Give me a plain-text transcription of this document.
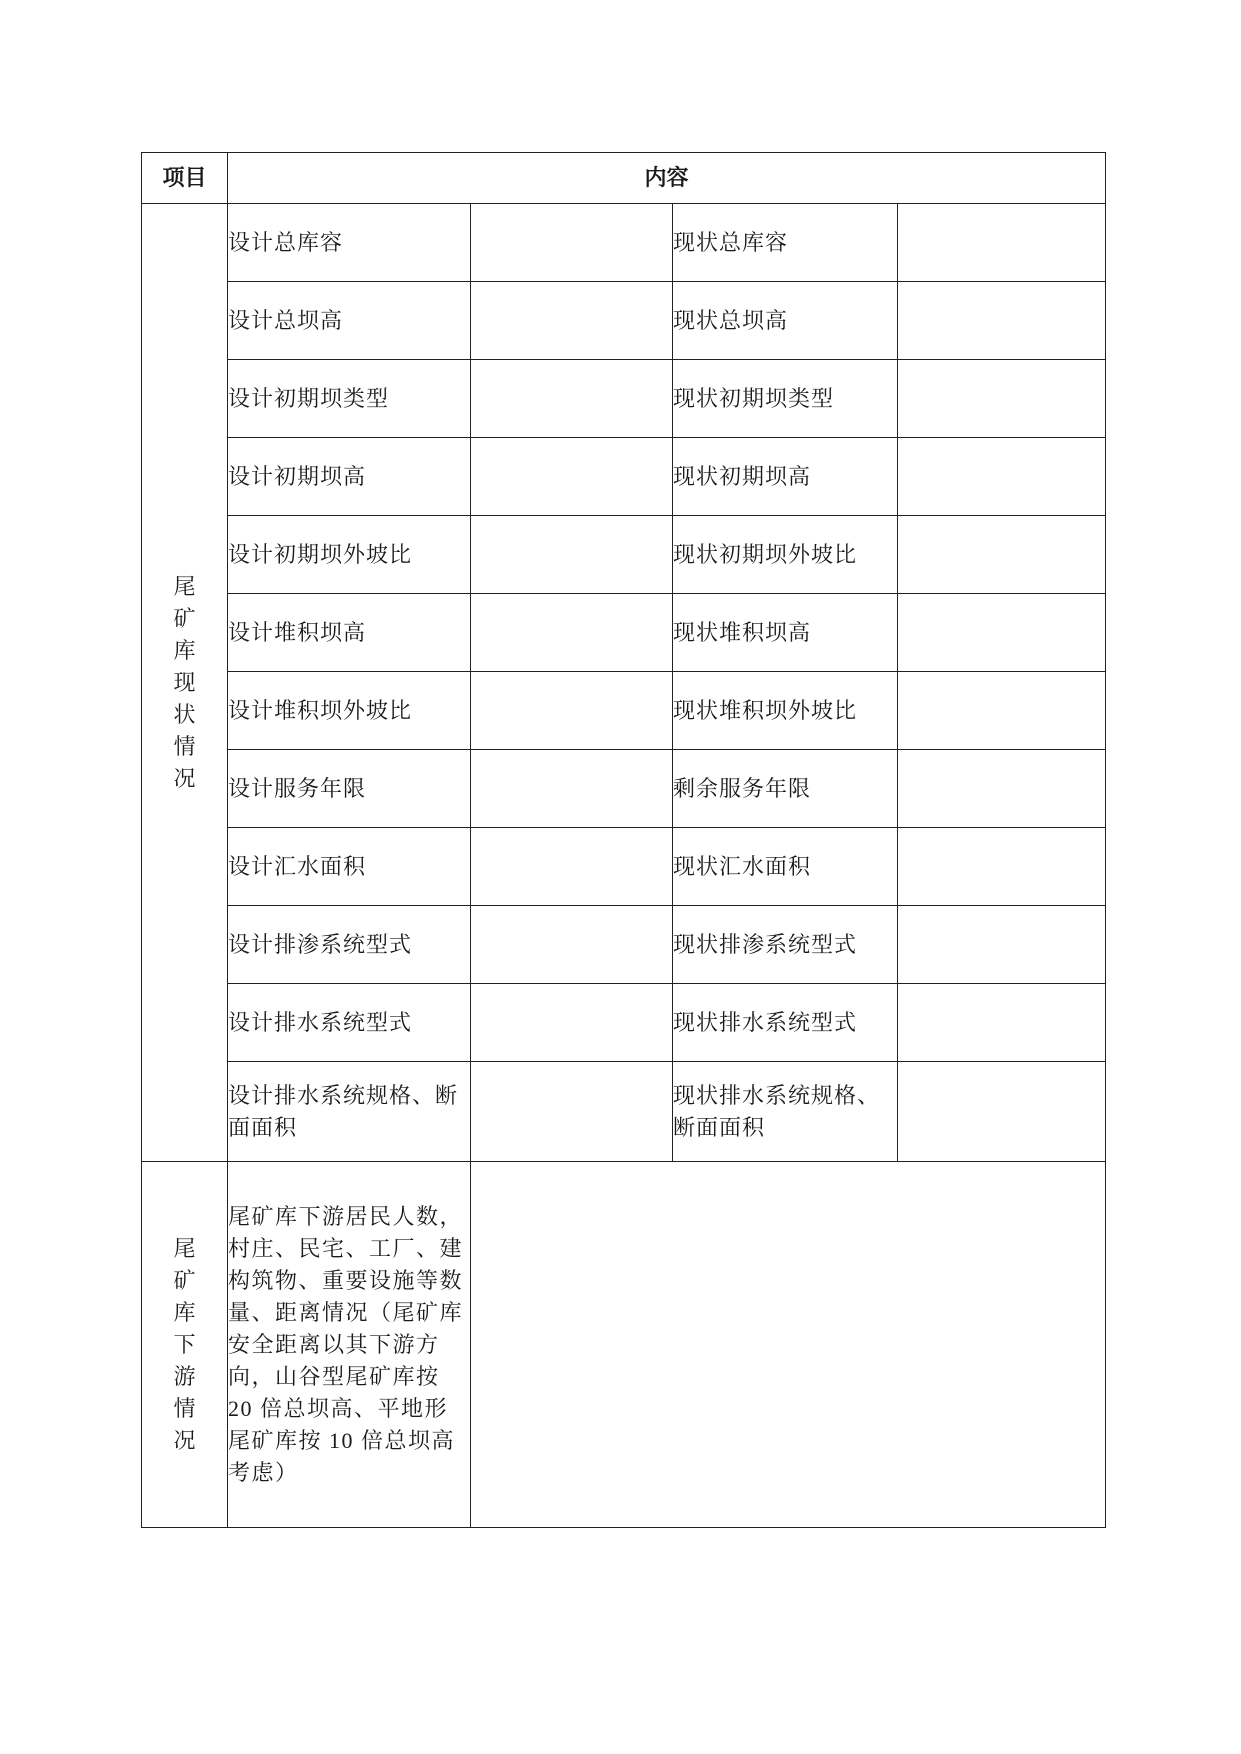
项目	内容			
尾矿库现状情况	设计总库容		现状总库容	
	设计总坝高		现状总坝高	
	设计初期坝类型		现状初期坝类型	
	设计初期坝高		现状初期坝高	
	设计初期坝外坡比		现状初期坝外坡比	
	设计堆积坝高		现状堆积坝高	
	设计堆积坝外坡比		现状堆积坝外坡比	
	设计服务年限		剩余服务年限	
	设计汇水面积		现状汇水面积	
	设计排渗系统型式		现状排渗系统型式	
	设计排水系统型式		现状排水系统型式	
	设计排水系统规格、断面面积		现状排水系统规格、断面面积	
尾矿库下游情况	尾矿库下游居民人数，村庄、民宅、工厂、建构筑物、重要设施等数量、距离情况（尾矿库安全距离以其下游方向，山谷型尾矿库按 20 倍总坝高、平地形尾矿库按 10 倍总坝高考虑）			
